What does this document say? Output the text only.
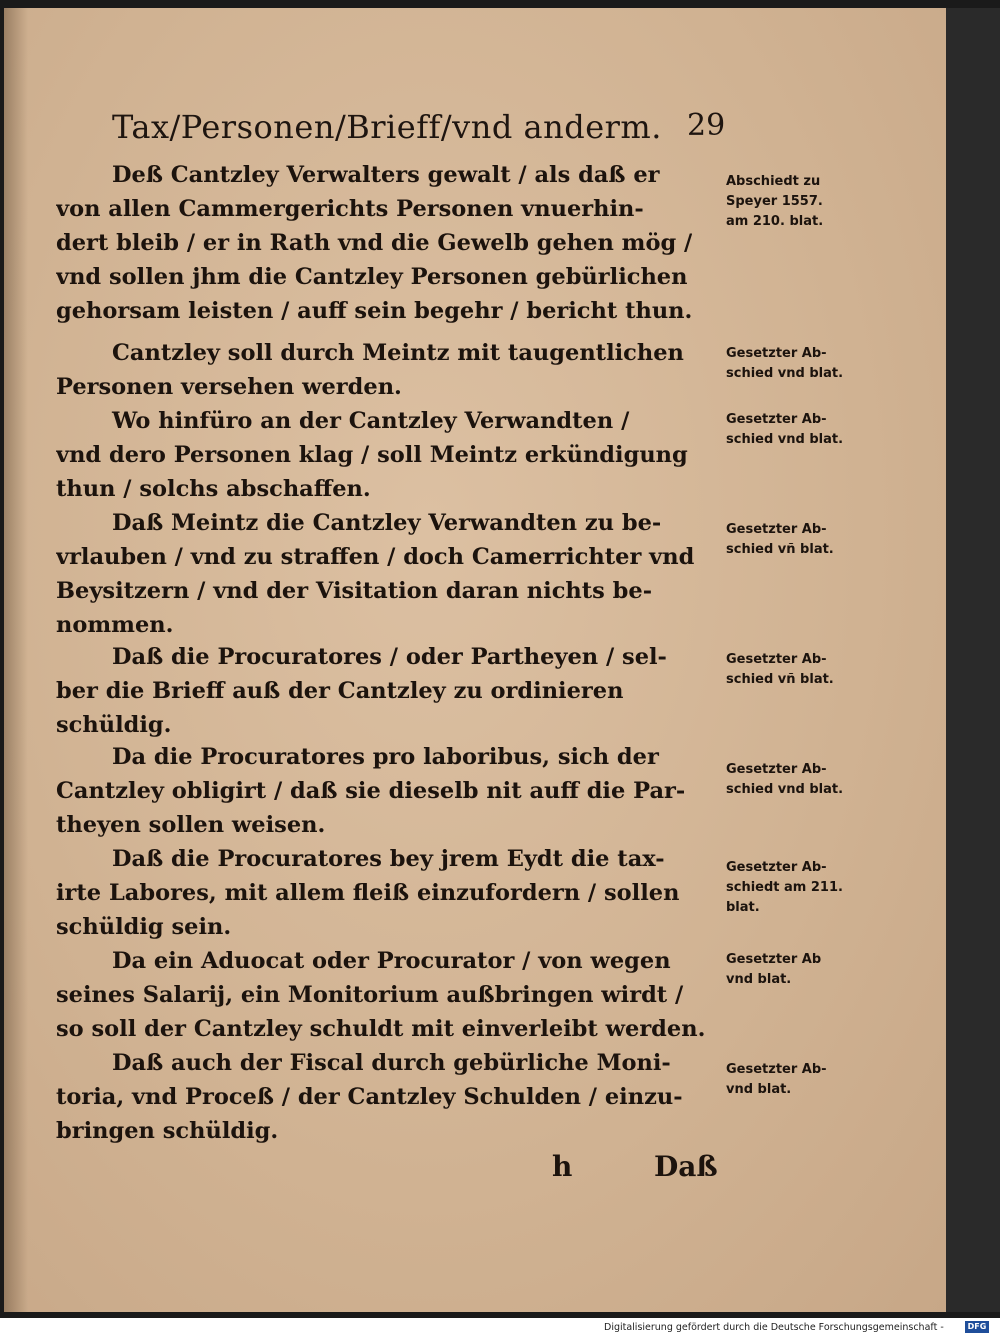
Tax/Personen/Brieff/vnd anderm. 29
Deß Cantzley Verwalters gewalt / als daß er
von allen Cammergerichts Personen vnuerhin-
dert bleib / er in Rath vnd die Gewelb gehen mög /
vnd sollen jhm die Cantzley Personen gebürlichen
gehorsam leisten / auff sein begehr / bericht thun.
Cantzley soll durch Meintz mit taugentlichen
Personen versehen werden.
Wo hinfüro an der Cantzley Verwandten /
vnd dero Personen klag / soll Meintz erkündigung
thun / solchs abschaffen.
Daß Meintz die Cantzley Verwandten zu be-
vrlauben / vnd zu straffen / doch Camerrichter vnd
Beysitzern / vnd der Visitation daran nichts be-
nommen.
Daß die Procuratores / oder Partheyen / sel-
ber die Brieff auß der Cantzley zu ordinieren
schüldig.
Da die Procuratores pro laboribus, sich der
Cantzley obligirt / daß sie dieselb nit auff die Par-
theyen sollen weisen.
Daß die Procuratores bey jrem Eydt die tax-
irte Labores, mit allem fleiß einzufordern / sollen
schüldig sein.
Da ein Aduocat oder Procurator / von wegen
seines Salarij, ein Monitorium außbringen wirdt /
so soll der Cantzley schuldt mit einverleibt werden.
Daß auch der Fiscal durch gebürliche Moni-
toria, vnd Proceß / der Cantzley Schulden / einzu-
bringen schüldig.
Abschiedt zu
Speyer 1557.
am 210. blat.
Gesetzter Ab-
schied vnd blat.
Gesetzter Ab-
schied vnd blat.
Gesetzter Ab-
schied vñ blat.
Gesetzter Ab-
schied vñ blat.
Gesetzter Ab-
schied vnd blat.
Gesetzter Ab-
schiedt am 211.
blat.
Gesetzter Ab
vnd blat.
Gesetzter Ab-
vnd blat.
h	Daß
Digitalisierung gefördert durch die Deutsche Forschungsgemeinschaft -	DFG
